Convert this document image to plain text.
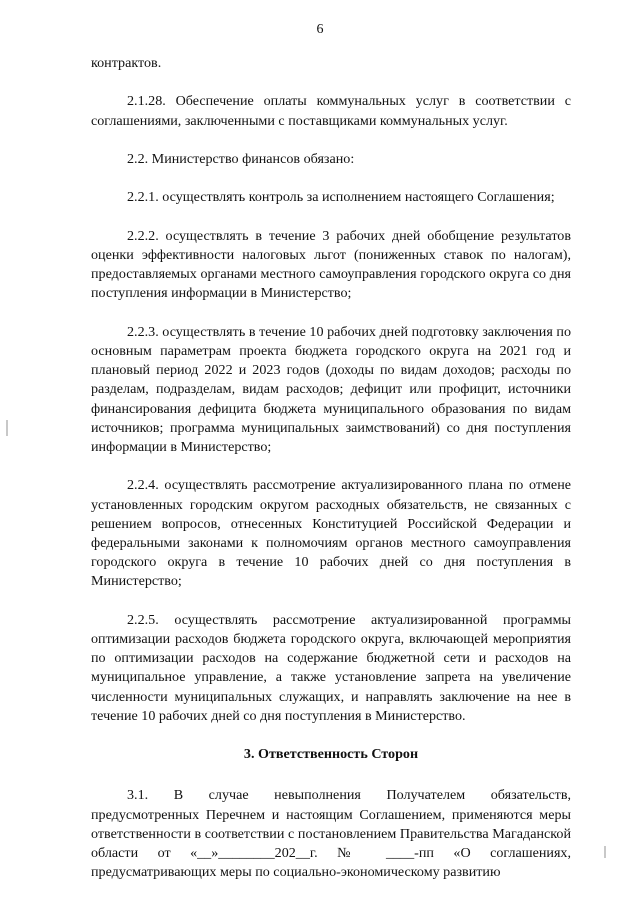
6

контрактов.

2.1.28. Обеспечение оплаты коммунальных услуг в соответствии с соглашениями, заключенными с поставщиками коммунальных услуг.

2.2. Министерство финансов обязано:

2.2.1. осуществлять контроль за исполнением настоящего Соглашения;

2.2.2. осуществлять в течение 3 рабочих дней обобщение результатов оценки эффективности налоговых льгот (пониженных ставок по налогам), предоставляемых органами местного самоуправления городского округа со дня поступления информации в Министерство;

2.2.3. осуществлять в течение 10 рабочих дней подготовку заключения по основным параметрам проекта бюджета городского округа на 2021 год и плановый период 2022 и 2023 годов (доходы по видам доходов; расходы по разделам, подразделам, видам расходов; дефицит или профицит, источники финансирования дефицита бюджета муниципального образования по видам источников; программа муниципальных заимствований) со дня поступления информации в Министерство;

2.2.4. осуществлять рассмотрение актуализированного плана по отмене установленных городским округом расходных обязательств, не связанных с решением вопросов, отнесенных Конституцией Российской Федерации и федеральными законами к полномочиям органов местного самоуправления городского округа в течение 10 рабочих дней со дня поступления в Министерство;

2.2.5. осуществлять рассмотрение актуализированной программы оптимизации расходов бюджета городского округа, включающей мероприятия по оптимизации расходов на содержание бюджетной сети и расходов на муниципальное управление, а также установление запрета на увеличение численности муниципальных служащих, и направлять заключение на нее в течение 10 рабочих дней со дня поступления в Министерство.

3. Ответственность Сторон

3.1. В случае невыполнения Получателем обязательств, предусмотренных Перечнем и настоящим Соглашением, применяются меры ответственности в соответствии с постановлением Правительства Магаданской области от «__»________202__г. № ____-пп «О соглашениях, предусматривающих меры по социально-экономическому развитию
